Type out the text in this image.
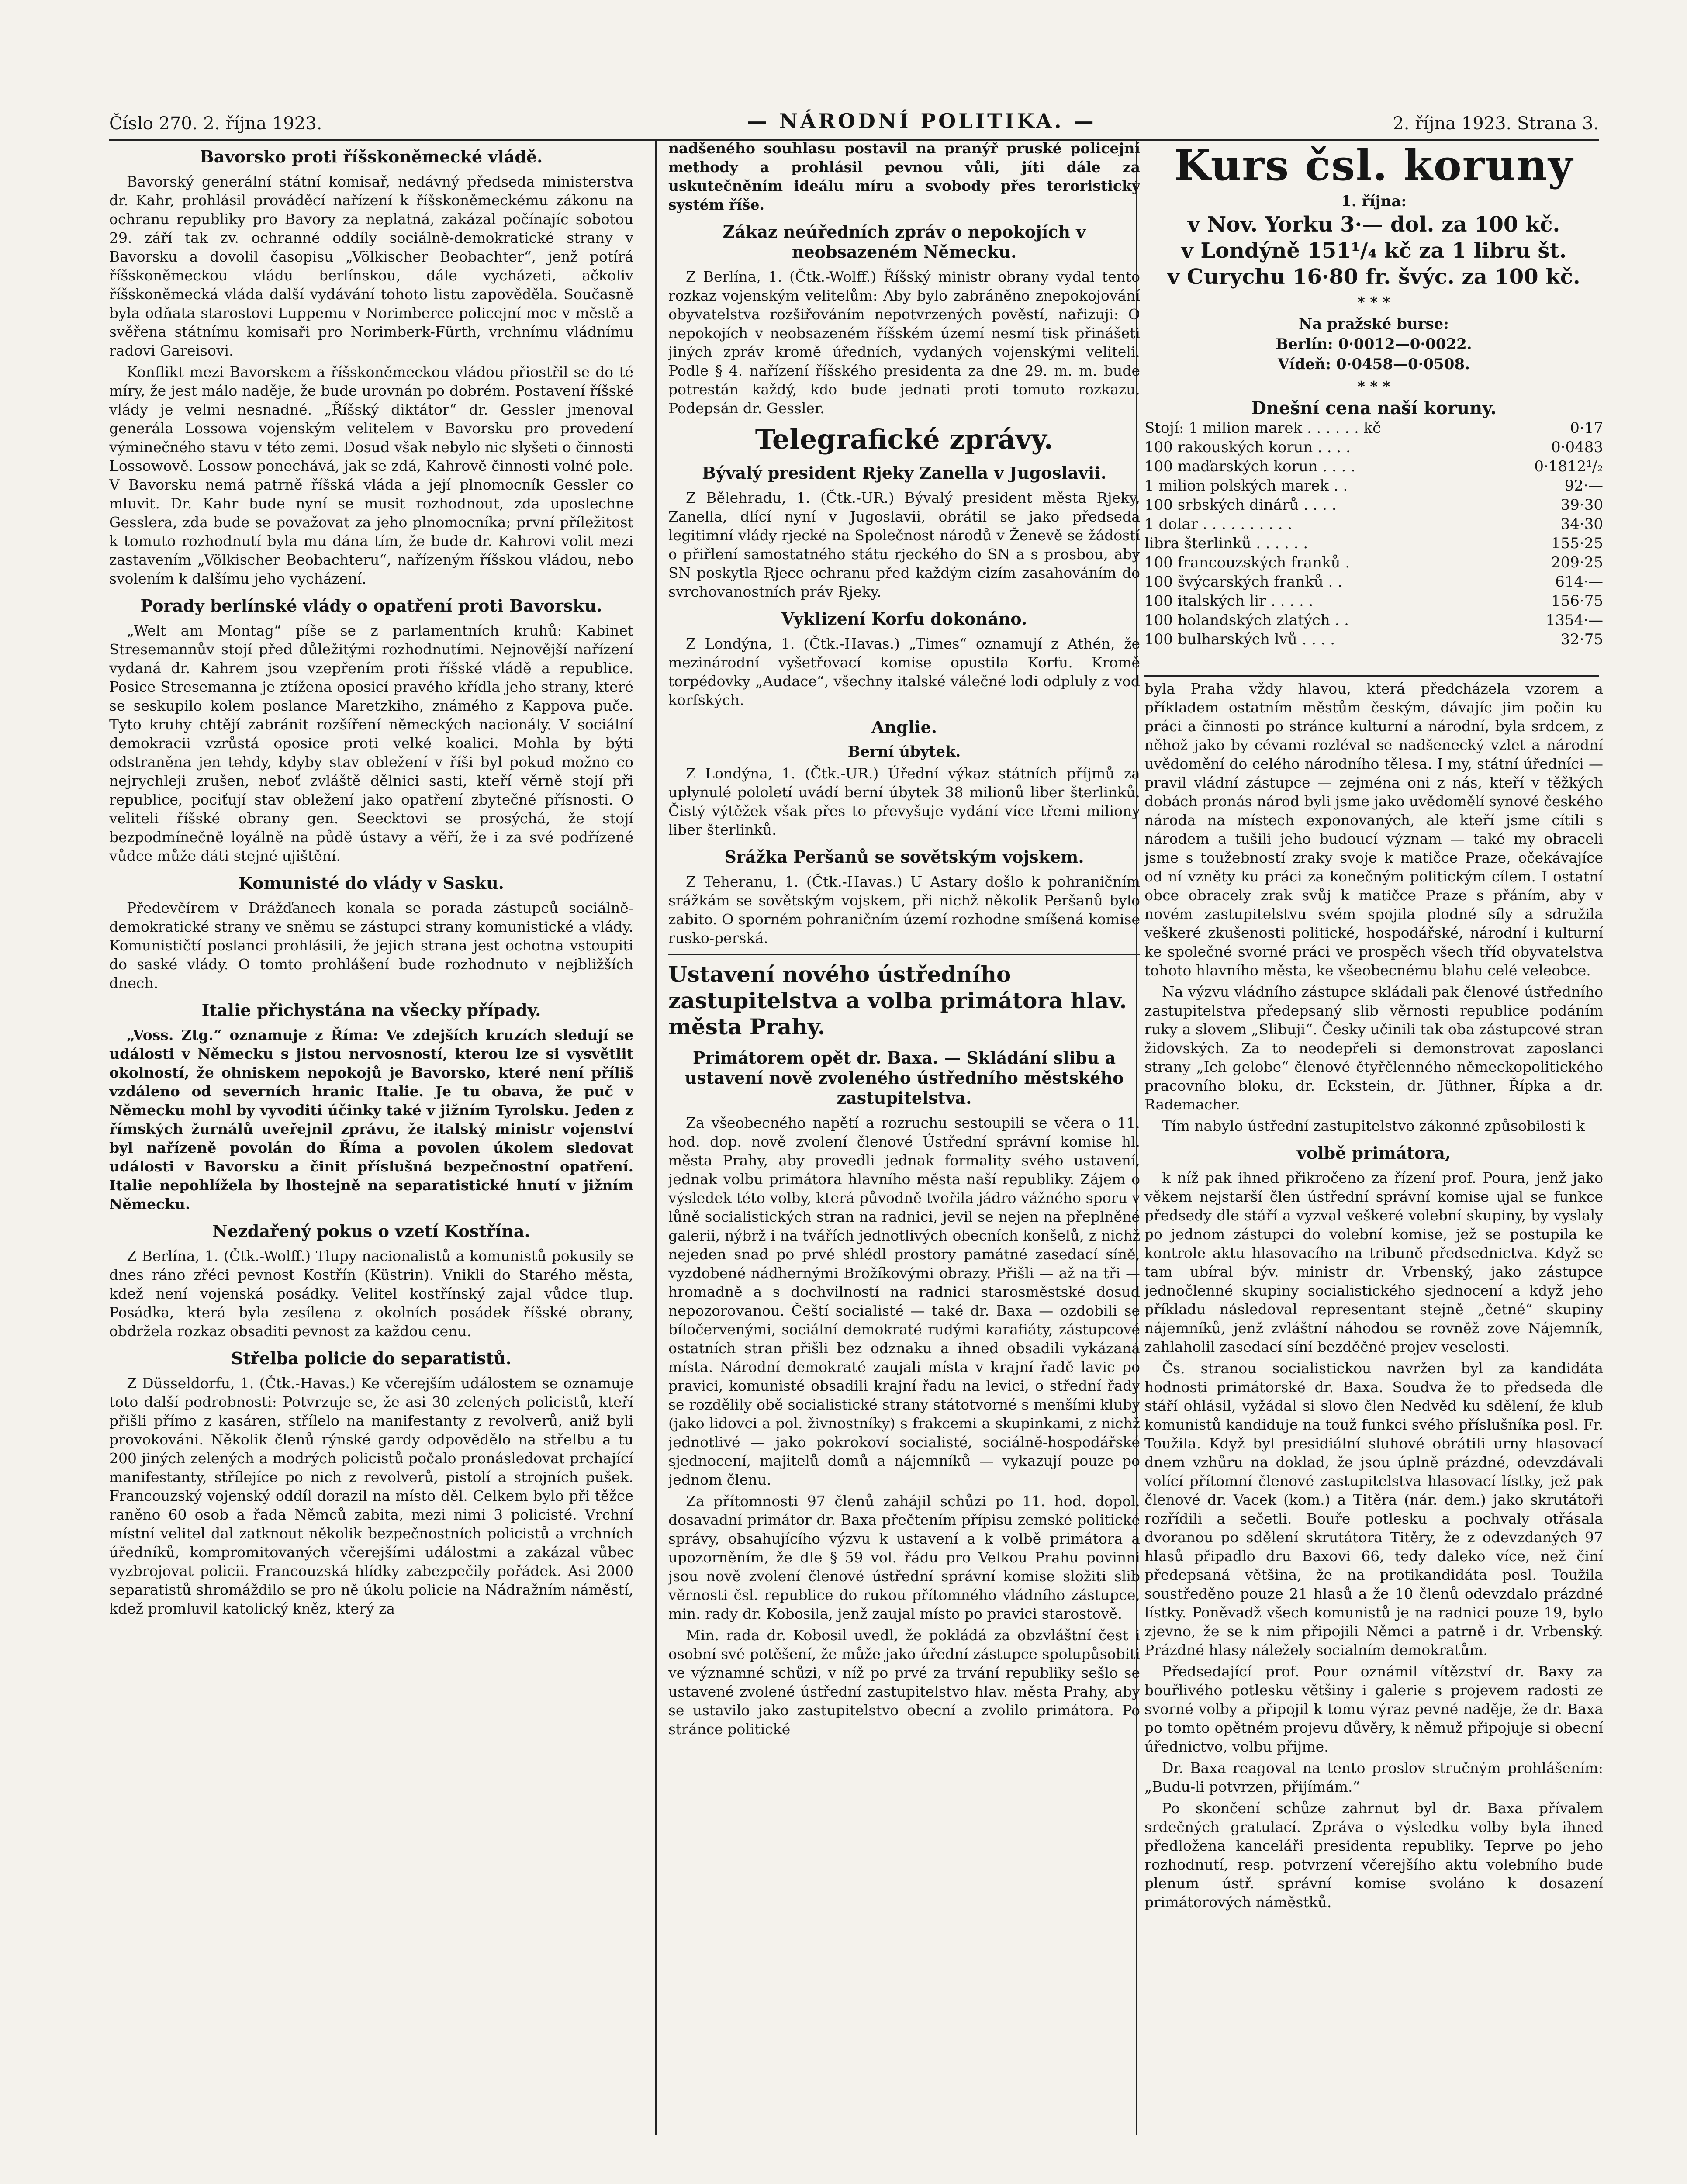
Číslo 270. 2. října 1923.	— NÁRODNÍ POLITIKA. —	2. října 1923. Strana 3.
Bavorsko proti říšskoněmecké vládě.

Bavorský generální státní komisař, nedávný předseda ministerstva dr. Kahr, prohlásil prováděcí nařízení k říšskoněmeckému zákonu na ochranu republiky pro Bavory za neplatná, zakázal počínajíc sobotou 29. září tak zv. ochranné oddíly sociálně-demokratické strany v Bavorsku a dovolil časopisu „Völkischer Beobachter“, jenž potírá říšskoněmeckou vládu berlínskou, dále vycházeti, ačkoliv říšskoněmecká vláda další vydávání tohoto listu zapověděla. Současně byla odňata starostovi Luppemu v Norimberce policejní moc v městě a svěřena státnímu komisaři pro Norimberk-Fürth, vrchnímu vládnímu radovi Gareisovi.

Konflikt mezi Bavorskem a říšskoněmeckou vládou přiostřil se do té míry, že jest málo naděje, že bude urovnán po dobrém. Postavení říšské vlády je velmi nesnadné. „Říšský diktátor“ dr. Gessler jmenoval generála Lossowa vojenským velitelem v Bavorsku pro provedení výminečného stavu v této zemi. Dosud však nebylo nic slyšeti o činnosti Lossowově. Lossow ponechává, jak se zdá, Kahrově činnosti volné pole. V Bavorsku nemá patrně říšská vláda a její plnomocník Gessler co mluvit. Dr. Kahr bude nyní se musit rozhodnout, zda uposlechne Gesslera, zda bude se považovat za jeho plnomocníka; první příležitost k tomuto rozhodnutí byla mu dána tím, že bude dr. Kahrovi volit mezi zastavením „Völkischer Beobachteru“, nařízeným říšskou vládou, nebo svolením k dalšímu jeho vycházení.

Porady berlínské vlády o opatření proti Bavorsku.

„Welt am Montag“ píše se z parlamentních kruhů: Kabinet Stresemannův stojí před důležitými rozhodnutími. Nejnovější nařízení vydaná dr. Kahrem jsou vzepřením proti říšské vládě a republice. Posice Stresemanna je ztížena oposicí pravého křídla jeho strany, které se seskupilo kolem poslance Maretzkiho, známého z Kappova puče. Tyto kruhy chtějí zabránit rozšíření německých nacionály. V sociální demokracii vzrůstá oposice proti velké koalici. Mohla by býti odstraněna jen tehdy, kdyby stav obležení v říši byl pokud možno co nejrychleji zrušen, neboť zvláště dělnici sasti, kteří věrně stojí při republice, pociťují stav obležení jako opatření zbytečné přísnosti. O veliteli říšské obrany gen. Seecktovi se prosýchá, že stojí bezpodmínečně loyálně na půdě ústavy a věří, že i za své podřízené vůdce může dáti stejné ujištění.

Komunisté do vlády v Sasku.

Předevčírem v Drážďanech konala se porada zástupců sociálně-demokratické strany ve sněmu se zástupci strany komunistické a vlády. Komunističtí poslanci prohlásili, že jejich strana jest ochotna vstoupiti do saské vlády. O tomto prohlášení bude rozhodnuto v nejbližších dnech.

Italie přichystána na všecky případy.

„Voss. Ztg.“ oznamuje z Říma: Ve zdejších kruzích sledují se události v Německu s jistou nervosností, kterou lze si vysvětlit okolností, že ohniskem nepokojů je Bavorsko, které není příliš vzdáleno od severních hranic Italie. Je tu obava, že puč v Německu mohl by vyvoditi účinky také v jižním Tyrolsku. Jeden z římských žurnálů uveřejnil zprávu, že italský ministr vojenství byl nařízeně povolán do Říma a povolen úkolem sledovat události v Bavorsku a činit příslušná bezpečnostní opatření. Italie nepohlížela by lhostejně na separatistické hnutí v jižním Německu.

Nezdařený pokus o vzetí Kostřína.

Z Berlína, 1. (Čtk.-Wolff.) Tlupy nacionalistů a komunistů pokusily se dnes ráno zřéci pevnost Kostřín (Küstrin). Vnikli do Starého města, kdež není vojenská posádky. Velitel kostřínský zajal vůdce tlup. Posádka, která byla zesílena z okolních posádek říšské obrany, obdržela rozkaz obsaditi pevnost za každou cenu.

Střelba policie do separatistů.

Z Düsseldorfu, 1. (Čtk.-Havas.) Ke včerejším událostem se oznamuje toto další podrobnosti: Potvrzuje se, že asi 30 zelených policistů, kteří přišli přímo z kasáren, střílelo na manifestanty z revolverů, aniž byli provokováni. Několik členů rýnské gardy odpovědělo na střelbu a tu 200 jiných zelených a modrých policistů počalo pronásledovat prchající manifestanty, střílejíce po nich z revolverů, pistolí a strojních pušek. Francouzský vojenský oddíl dorazil na místo děl. Celkem bylo při těžce raněno 60 osob a řada Němců zabita, mezi nimi 3 policisté. Vrchní místní velitel dal zatknout několik bezpečnostních policistů a vrchních úředníků, kompromitovaných včerejšími událostmi a zakázal vůbec vyzbrojovat policii. Francouzská hlídky zabezpečily pořádek. Asi 2000 separatistů shromáždilo se pro ně úkolu policie na Nádražním náměstí, kdež promluvil katolický kněz, který za

nadšeného souhlasu postavil na pranýř pruské policejní methody a prohlásil pevnou vůli, jíti dále za uskutečněním ideálu míru a svobody přes teroristický systém říše.

Zákaz neúředních zpráv o nepokojích v neobsazeném Německu.

Z Berlína, 1. (Čtk.-Wolff.) Říšský ministr obrany vydal tento rozkaz vojenským velitelům: Aby bylo zabráněno znepokojování obyvatelstva rozšiřováním nepotvrzených pověstí, nařizuji: O nepokojích v neobsazeném říšském území nesmí tisk přinášeti jiných zpráv kromě úředních, vydaných vojenskými veliteli. Podle § 4. nařízení říšského presidenta za dne 29. m. m. bude potrestán každý, kdo bude jednati proti tomuto rozkazu. Podepsán dr. Gessler.

Telegrafické zprávy.
Bývalý president Rjeky Zanella v Jugoslavii.

Z Bělehradu, 1. (Čtk.-UR.) Bývalý president města Rjeky, Zanella, dlící nyní v Jugoslavii, obrátil se jako předseda legitimní vlády rjecké na Společnost národů v Ženevě se žádostí o přiřlení samostatného státu rjeckého do SN a s prosbou, aby SN poskytla Rjece ochranu před každým cizím zasahováním do svrchovanostních práv Rjeky.

Vyklizení Korfu dokonáno.

Z Londýna, 1. (Čtk.-Havas.) „Times“ oznamují z Athén, že mezinárodní vyšetřovací komise opustila Korfu. Kromě torpédovky „Audace“, všechny italské válečné lodi odpluly z vod korfských.

Anglie.
Berní úbytek.

Z Londýna, 1. (Čtk.-UR.) Úřední výkaz státních příjmů za uplynulé pololetí uvádí berní úbytek 38 milionů liber šterlinků. Čistý výtěžek však přes to převyšuje vydání více třemi miliony liber šterlinků.

Srážka Peršanů se sovětským vojskem.

Z Teheranu, 1. (Čtk.-Havas.) U Astary došlo k pohraničním srážkám se sovětským vojskem, při nichž několik Peršanů bylo zabito. O sporném pohraničním území rozhodne smíšená komise rusko-perská.

Ustavení nového ústředního zastupitelstva a volba primátora hlav. města Prahy.
Primátorem opět dr. Baxa. — Skládání slibu a ustavení nově zvoleného ústředního městského zastupitelstva.

Za všeobecného napětí a rozruchu sestoupili se včera o 11. hod. dop. nově zvolení členové Ústřední správní komise hl. města Prahy, aby provedli jednak formality svého ustavení, jednak volbu primátora hlavního města naší republiky. Zájem o výsledek této volby, která původně tvořila jádro vážného sporu v lůně socialistických stran na radnici, jevil se nejen na přeplněné galerii, nýbrž i na tvářích jednotlivých obecních konšelů, z nichž nejeden snad po prvé shlédl prostory památné zasedací síně, vyzdobené nádhernými Brožíkovými obrazy. Přišli — až na tři — hromadně a s dochvilností na radnici starosměstské dosud nepozorovanou. Čeští socialisté — také dr. Baxa — ozdobili se bíločervenými, sociální demokraté rudými karafiáty, zástupcové ostatních stran přišli bez odznaku a ihned obsadili vykázaná místa. Národní demokraté zaujali místa v krajní řadě lavic po pravici, komunisté obsadili krajní řadu na levici, o střední řady se rozdělily obě socialistické strany státotvorné s menšími kluby (jako lidovci a pol. živnostníky) s frakcemi a skupinkami, z nichž jednotlivé — jako pokrokoví socialisté, sociálně-hospodářské sjednocení, majitelů domů a nájemníků — vykazují pouze po jednom členu.

Za přítomnosti 97 členů zahájil schůzi po 11. hod. dopol. dosavadní primátor dr. Baxa přečtením přípisu zemské politické správy, obsahujícího výzvu k ustavení a k volbě primátora a upozorněním, že dle § 59 vol. řádu pro Velkou Prahu povinni jsou nově zvolení členové ústřední správní komise složiti slib věrnosti čsl. republice do rukou přítomného vládního zástupce, min. rady dr. Kobosila, jenž zaujal místo po pravici starostově.

Min. rada dr. Kobosil uvedl, že pokládá za obzvláštní čest i osobní své potěšení, že může jako úřední zástupce spolupůsobiti ve významné schůzi, v níž po prvé za trvání republiky sešlo se ustavené zvolené ústřední zastupitelstvo hlav. města Prahy, aby se ustavilo jako zastupitelstvo obecní a zvolilo primátora. Po stránce politické

Kurs čsl. koruny
1. října:
v Nov. Yorku 3·— dol. za 100 kč.
v Londýně 151¹/₄ kč za 1 libru št.
v Curychu 16·80 fr. švýc. za 100 kč.
* * *
Na pražské burse:
Berlín: 0·0012—0·0022.
Vídeň: 0·0458—0·0508.
* * *
Dnešní cena naší koruny.
Stojí: 1 milion marek . . . . . . kč	0·17
100 rakouských korun . . . .	0·0483
100 maďarských korun . . . .	0·1812¹/₂
1 milion polských marek . .	92·—
100 srbských dinárů . . . .	39·30
1 dolar . . . . . . . . . .	34·30
libra šterlinků . . . . . .	155·25
100 francouzských franků .	209·25
100 švýcarských franků . .	614·—
100 italských lir . . . . .	156·75
100 holandských zlatých . .	1354·—
100 bulharských lvů . . . .	32·75

byla Praha vždy hlavou, která předcházela vzorem a příkladem ostatním městům českým, dávajíc jim počin ku práci a činnosti po stránce kulturní a národní, byla srdcem, z něhož jako by cévami rozléval se nadšenecký vzlet a národní uvědomění do celého národního tělesa. I my, státní úředníci — pravil vládní zástupce — zejména oni z nás, kteří v těžkých dobách pronás národ byli jsme jako uvědomělí synové českého národa na místech exponovaných, ale kteří jsme cítili s národem a tušili jeho budoucí význam — také my obraceli jsme s toužebností zraky svoje k matičce Praze, očekávajíce od ní vzněty ku práci za konečným politickým cílem. I ostatní obce obracely zrak svůj k matičce Praze s přáním, aby v novém zastupitelstvu svém spojila plodné síly a sdružila veškeré zkušenosti politické, hospodářské, národní i kulturní ke společné svorné práci ve prospěch všech tříd obyvatelstva tohoto hlavního města, ke všeobecnému blahu celé veleobce.

Na výzvu vládního zástupce skládali pak členové ústředního zastupitelstva předepsaný slib věrnosti republice podáním ruky a slovem „Slibuji“. Česky učinili tak oba zástupcové stran židovských. Za to neodepřeli si demonstrovat zaposlanci strany „Ich gelobe“ členové čtyřčlenného německopolitického pracovního bloku, dr. Eckstein, dr. Jüthner, Řípka a dr. Rademacher.

Tím nabylo ústřední zastupitelstvo zákonné způsobilosti k

volbě primátora,

k níž pak ihned přikročeno za řízení prof. Poura, jenž jako věkem nejstarší člen ústřední správní komise ujal se funkce předsedy dle stáří a vyzval veškeré volební skupiny, by vyslaly po jednom zástupci do volební komise, jež se postupila ke kontrole aktu hlasovacího na tribuně předsednictva. Když se tam ubíral býv. ministr dr. Vrbenský, jako zástupce jednočlenné skupiny socialistického sjednocení a když jeho příkladu následoval representant stejně „četné“ skupiny nájemníků, jenž zvláštní náhodou se rovněž zove Nájemník, zahlaholil zasedací síní bezděčné projev veselosti.

Čs. stranou socialistickou navržen byl za kandidáta hodnosti primátorské dr. Baxa. Soudva že to předseda dle stáří ohlásil, vyžádal si slovo člen Nedvěd ku sdělení, že klub komunistů kandiduje na touž funkci svého příslušníka posl. Fr. Toužila. Když byl presidiální sluhové obrátili urny hlasovací dnem vzhůru na doklad, že jsou úplně prázdné, odevzdávali volící přítomní členové zastupitelstva hlasovací lístky, jež pak členové dr. Vacek (kom.) a Titěra (nár. dem.) jako skrutátoři rozřídili a sečetli. Bouře potlesku a pochvaly otřásala dvoranou po sdělení skrutátora Titěry, že z odevzdaných 97 hlasů připadlo dru Baxovi 66, tedy daleko více, než činí předepsaná většina, že na protikandidáta posl. Toužila soustředěno pouze 21 hlasů a že 10 členů odevzdalo prázdné lístky. Poněvadž všech komunistů je na radnici pouze 19, bylo zjevno, že se k nim připojili Němci a patrně i dr. Vrbenský. Prázdné hlasy náležely socialním demokratům.

Předsedající prof. Pour oznámil vítězství dr. Baxy za bouřlivého potlesku většiny i galerie s projevem radosti ze svorné volby a připojil k tomu výraz pevné naděje, že dr. Baxa po tomto opětném projevu důvěry, k němuž připojuje si obecní úřednictvo, volbu přijme.

Dr. Baxa reagoval na tento proslov stručným prohlášením: „Budu-li potvrzen, přijímám.“

Po skončení schůze zahrnut byl dr. Baxa přívalem srdečných gratulací. Zpráva o výsledku volby byla ihned předložena kanceláři presidenta republiky. Teprve po jeho rozhodnutí, resp. potvrzení včerejšího aktu volebního bude plenum ústř. správní komise svoláno k dosazení primátorových náměstků.
